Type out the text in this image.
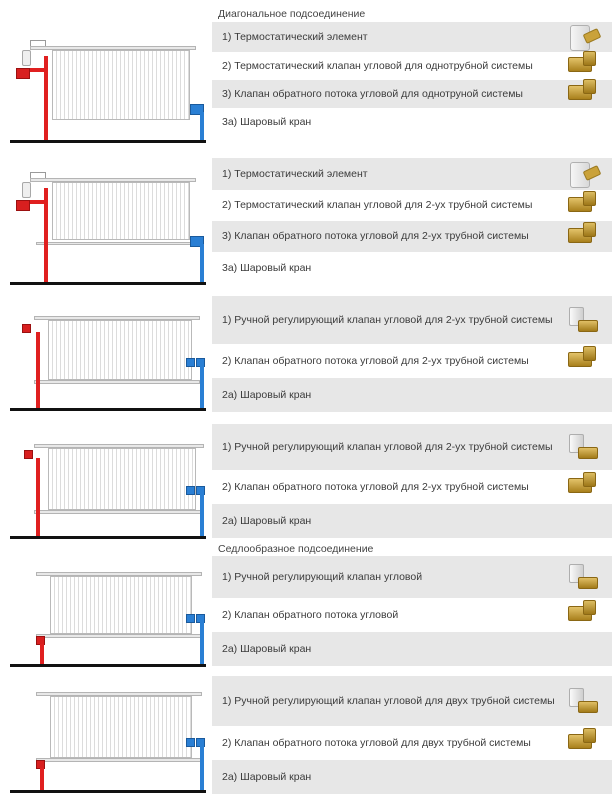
Диагональное подсоединение
Седлообразное подсоединение
1) Термостатический элемент
2) Термостатический клапан угловой для однотрубной системы
3) Клапан обратного потока угловой для однотруной системы
3а) Шаровый кран
1) Термостатический элемент
2) Термостатический клапан угловой для 2-ух трубной системы
3) Клапан обратного потока угловой для 2-ух трубной системы
3а) Шаровый кран
1) Ручной регулирующий клапан угловой для 2-ух трубной системы
2) Клапан обратного потока угловой для 2-ух трубной системы
2а) Шаровый кран
1) Ручной регулирующий клапан угловой для 2-ух трубной системы
2) Клапан обратного потока угловой для 2-ух трубной системы
2а) Шаровый кран
1) Ручной регулирующий клапан угловой
2) Клапан обратного потока угловой
2а) Шаровый кран
1) Ручной регулирующий клапан угловой для двух трубной системы
2) Клапан обратного потока угловой для двух трубной системы
2а) Шаровый кран
